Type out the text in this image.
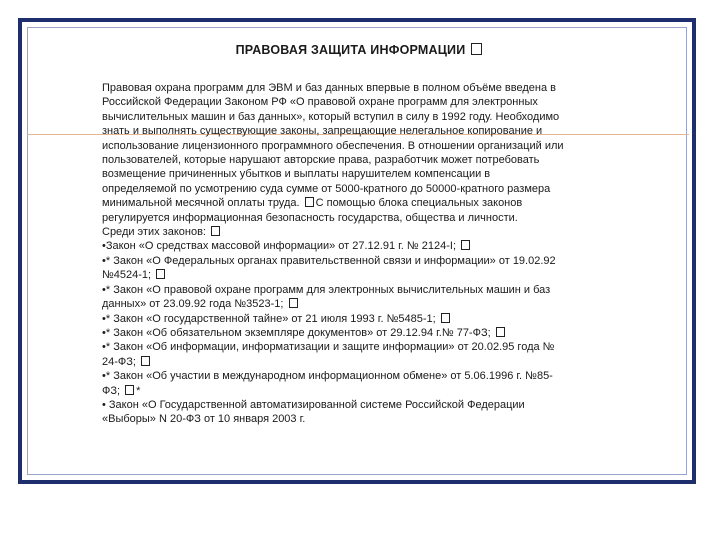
ПРАВОВАЯ ЗАЩИТА ИНФОРМАЦИИ

Правовая охрана программ для ЭВМ и баз данных впервые в полном объёме введена в
Российской Федерации Законом РФ «О правовой охране программ для электронных
вычислительных машин и баз данных», который вступил в силу в 1992 году. Необходимо
знать и выполнять существующие законы, запрещающие нелегальное копирование и
использование лицензионного программного обеспечения. В отношении организаций или
пользователей, которые нарушают авторские права, разработчик может потребовать
возмещение причиненных убытков и выплаты нарушителем компенсации в
определяемой по усмотрению суда сумме от 5000-кратного до 50000-кратного размера
минимальной месячной оплаты труда. С помощью блока специальных законов
регулируется информационная безопасность государства, общества и личности.

Среди этих законов:
•Закон «О средствах массовой информации» от 27.12.91 г. № 2124-I;
•* Закон «О Федеральных органах правительственной связи и информации» от 19.02.92
№4524-1;
•* Закон «О правовой охране программ для электронных вычислительных машин и баз
данных» от 23.09.92 года №3523-1;
•* Закон «О государственной тайне» от 21 июля 1993 г. №5485-1;
•* Закон «Об обязательном экземпляре документов» от 29.12.94 г.№ 77-ФЗ;
•* Закон «Об информации, информатизации и защите информации» от 20.02.95 года №
24-ФЗ;
•* Закон «Об участии в международном информационном обмене» от 5.06.1996 г. №85-
ФЗ; *
• Закон «О Государственной автоматизированной системе Российской Федерации
«Выборы» N 20-ФЗ от 10 января 2003 г.
